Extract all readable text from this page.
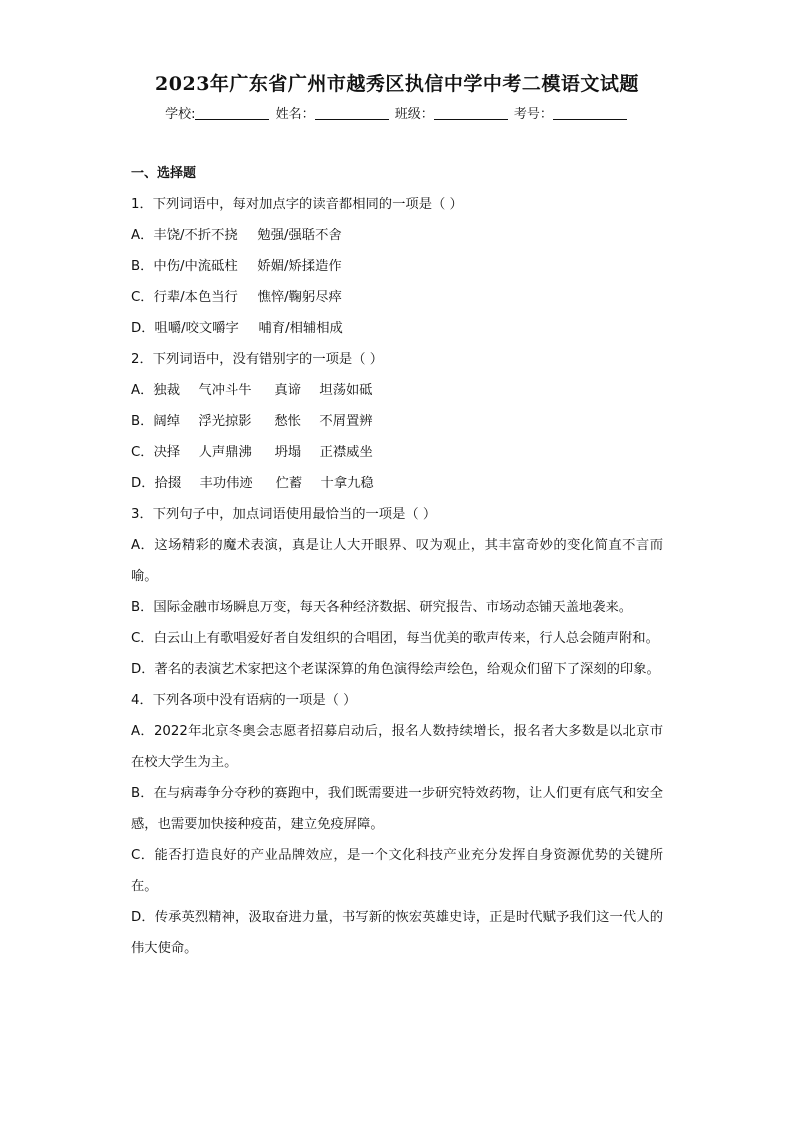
2023年广东省广州市越秀区执信中学中考二模语文试题
学校:	姓名：	班级：	考号：
一、选择题
1．下列词语中，每对加点字的读音都相同的一项是（ ）
A．丰饶/不折不挠 勉强/强聒不舍
B．中伤/中流砥柱 娇媚/矫揉造作
C．行辈/本色当行 憔悴/鞠躬尽瘁
D．咀嚼/咬文嚼字 哺育/相辅相成
2．下列词语中，没有错别字的一项是（ ）
A．独裁 气冲斗牛 真谛 坦荡如砥
B．阔绰 浮光掠影 愁怅 不屑置辨
C．决择 人声鼎沸 坍塌 正襟威坐
D．拾掇 丰功伟迹 伫蓄 十拿九稳
3．下列句子中，加点词语使用最恰当的一项是（ ）
A．这场精彩的魔术表演，真是让人大开眼界、叹为观止，其丰富奇妙的变化简直不言而喻。
B．国际金融市场瞬息万变，每天各种经济数据、研究报告、市场动态铺天盖地袭来。
C．白云山上有歌唱爱好者自发组织的合唱团，每当优美的歌声传来，行人总会随声附和。
D．著名的表演艺术家把这个老谋深算的角色演得绘声绘色，给观众们留下了深刻的印象。
4．下列各项中没有语病的一项是（ ）
A．2022年北京冬奥会志愿者招募启动后，报名人数持续增长，报名者大多数是以北京市在校大学生为主。
B．在与病毒争分夺秒的赛跑中，我们既需要进一步研究特效药物，让人们更有底气和安全感，也需要加快接种疫苗，建立免疫屏障。
C．能否打造良好的产业品牌效应，是一个文化科技产业充分发挥自身资源优势的关键所在。
D．传承英烈精神，汲取奋进力量，书写新的恢宏英雄史诗，正是时代赋予我们这一代人的伟大使命。
